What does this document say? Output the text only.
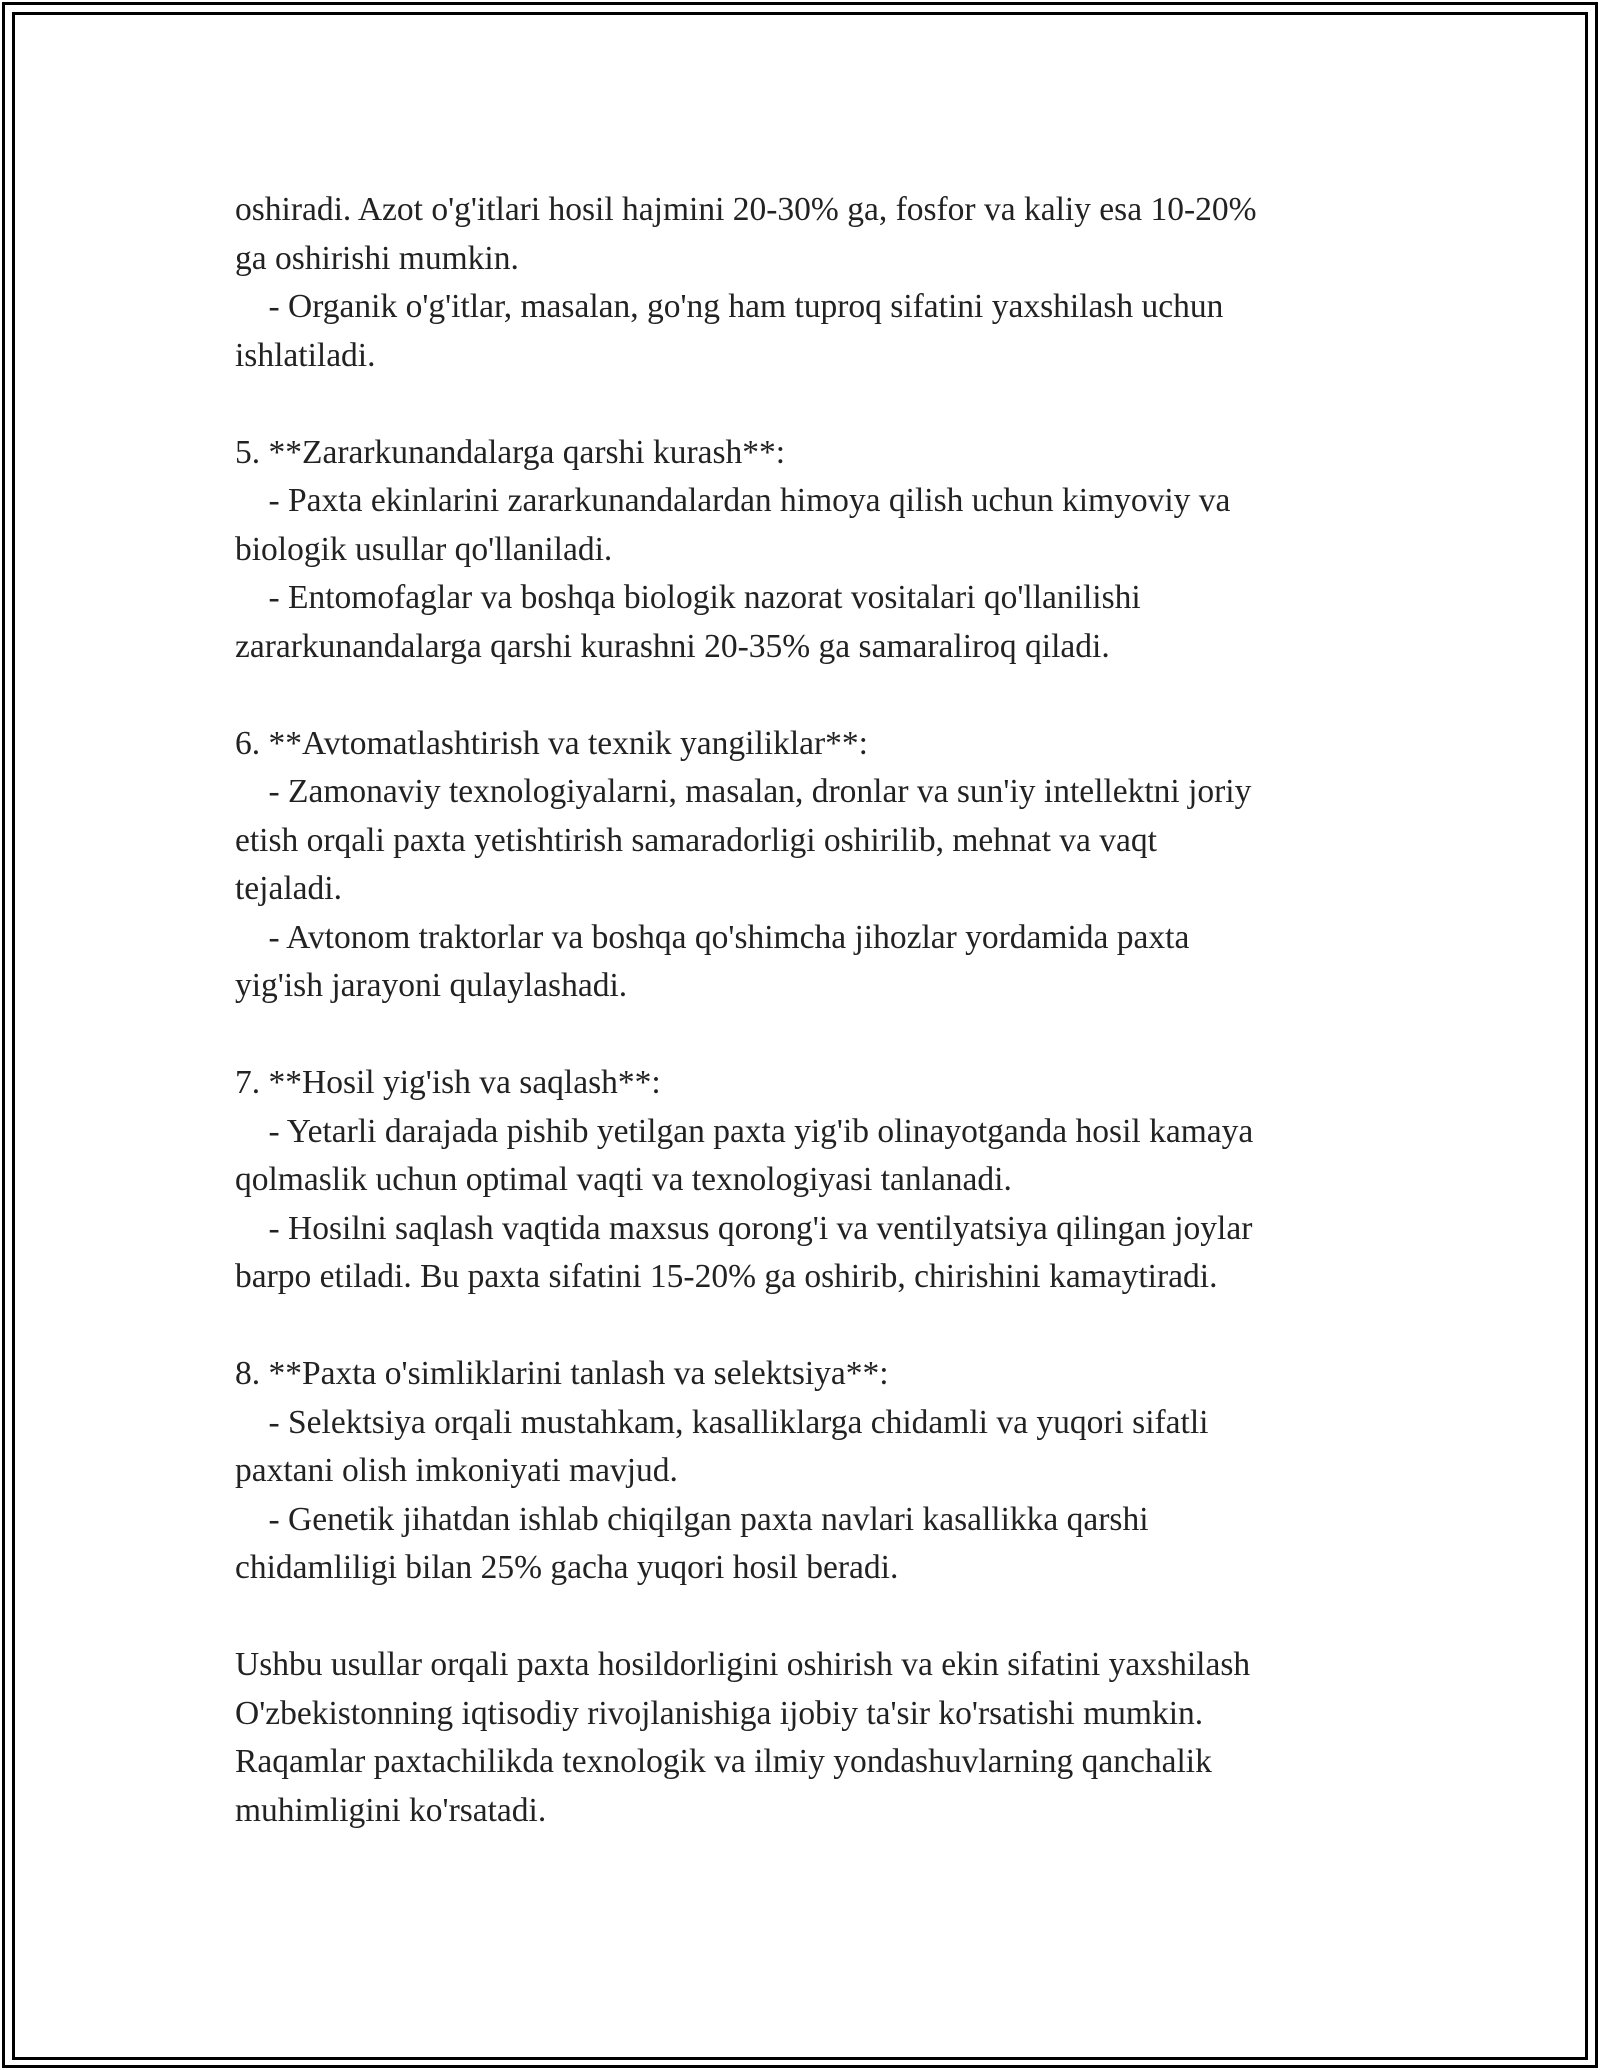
oshiradi. Azot o'g'itlari hosil hajmini 20-30% ga, fosfor va kaliy esa 10-20%
ga oshirishi mumkin.
- Organik o'g'itlar, masalan, go'ng ham tuproq sifatini yaxshilash uchun
ishlatiladi.
5. **Zararkunandalarga qarshi kurash**:
- Paxta ekinlarini zararkunandalardan himoya qilish uchun kimyoviy va
biologik usullar qo'llaniladi.
- Entomofaglar va boshqa biologik nazorat vositalari qo'llanilishi
zararkunandalarga qarshi kurashni 20-35% ga samaraliroq qiladi.
6. **Avtomatlashtirish va texnik yangiliklar**:
- Zamonaviy texnologiyalarni, masalan, dronlar va sun'iy intellektni joriy
etish orqali paxta yetishtirish samaradorligi oshirilib, mehnat va vaqt
tejaladi.
- Avtonom traktorlar va boshqa qo'shimcha jihozlar yordamida paxta
yig'ish jarayoni qulaylashadi.
7. **Hosil yig'ish va saqlash**:
- Yetarli darajada pishib yetilgan paxta yig'ib olinayotganda hosil kamaya
qolmaslik uchun optimal vaqti va texnologiyasi tanlanadi.
- Hosilni saqlash vaqtida maxsus qorong'i va ventilyatsiya qilingan joylar
barpo etiladi. Bu paxta sifatini 15-20% ga oshirib, chirishini kamaytiradi.
8. **Paxta o'simliklarini tanlash va selektsiya**:
- Selektsiya orqali mustahkam, kasalliklarga chidamli va yuqori sifatli
paxtani olish imkoniyati mavjud.
- Genetik jihatdan ishlab chiqilgan paxta navlari kasallikka qarshi
chidamliligi bilan 25% gacha yuqori hosil beradi.
Ushbu usullar orqali paxta hosildorligini oshirish va ekin sifatini yaxshilash
O'zbekistonning iqtisodiy rivojlanishiga ijobiy ta'sir ko'rsatishi mumkin.
Raqamlar paxtachilikda texnologik va ilmiy yondashuvlarning qanchalik
muhimligini ko'rsatadi.
